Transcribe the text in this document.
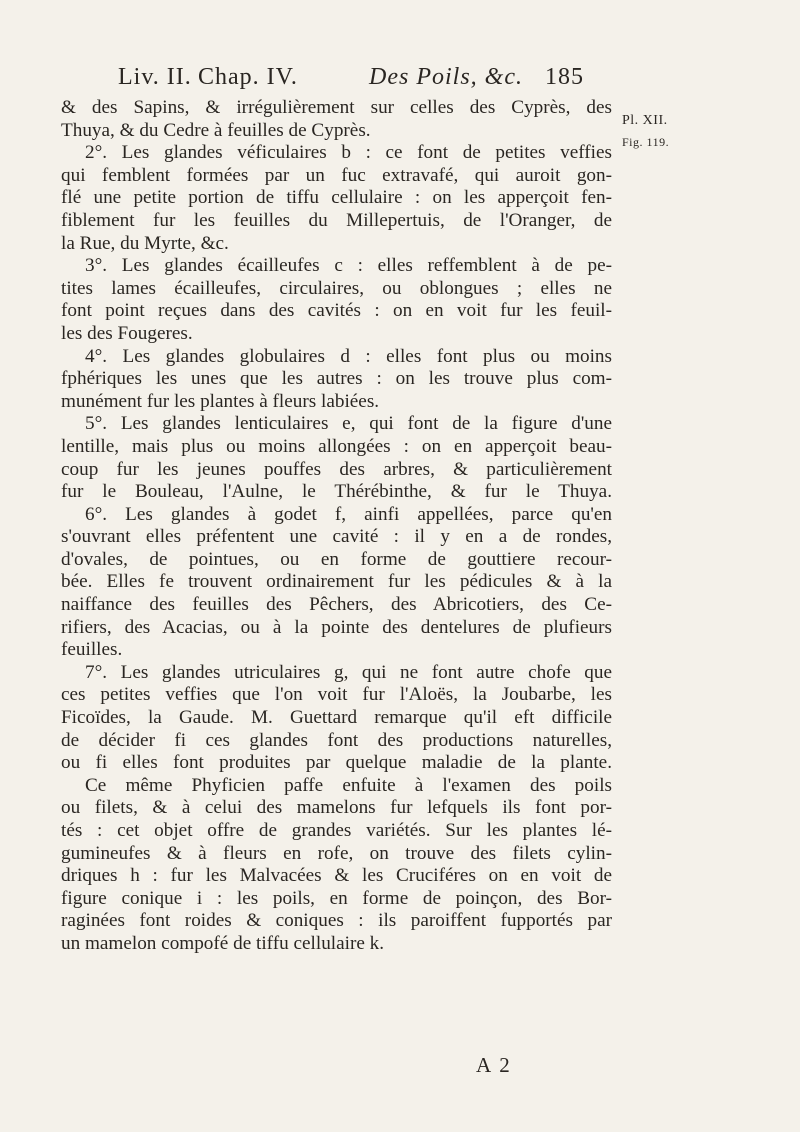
Liv. II. Chap. IV.	Des Poils, &c. 185
Pl. XII.
Fig. 119.
& des Sapins, & irrégulièrement sur celles des Cyprès, des
Thuya, & du Cedre à feuilles de Cyprès.
2°. Les glandes véficulaires b : ce font de petites veffies
qui femblent formées par un fuc extravafé, qui auroit gon-
flé une petite portion de tiffu cellulaire : on les apperçoit fen-
fiblement fur les feuilles du Millepertuis, de l'Oranger, de
la Rue, du Myrte, &c.
3°. Les glandes écailleufes c : elles reffemblent à de pe-
tites lames écailleufes, circulaires, ou oblongues ; elles ne
font point reçues dans des cavités : on en voit fur les feuil-
les des Fougeres.
4°. Les glandes globulaires d : elles font plus ou moins
fphériques les unes que les autres : on les trouve plus com-
munément fur les plantes à fleurs labiées.
5°. Les glandes lenticulaires e, qui font de la figure d'une
lentille, mais plus ou moins allongées : on en apperçoit beau-
coup fur les jeunes pouffes des arbres, & particulièrement
fur le Bouleau, l'Aulne, le Thérébinthe, & fur le Thuya.
6°. Les glandes à godet f, ainfi appellées, parce qu'en
s'ouvrant elles préfentent une cavité : il y en a de rondes,
d'ovales, de pointues, ou en forme de gouttiere recour-
bée. Elles fe trouvent ordinairement fur les pédicules & à la
naiffance des feuilles des Pêchers, des Abricotiers, des Ce-
rifiers, des Acacias, ou à la pointe des dentelures de plufieurs
feuilles.
7°. Les glandes utriculaires g, qui ne font autre chofe que
ces petites veffies que l'on voit fur l'Aloës, la Joubarbe, les
Ficoïdes, la Gaude. M. Guettard remarque qu'il eft difficile
de décider fi ces glandes font des productions naturelles,
ou fi elles font produites par quelque maladie de la plante.
Ce même Phyficien paffe enfuite à l'examen des poils
ou filets, & à celui des mamelons fur lefquels ils font por-
tés : cet objet offre de grandes variétés. Sur les plantes lé-
gumineufes & à fleurs en rofe, on trouve des filets cylin-
driques h : fur les Malvacées & les Cruciféres on en voit de
figure conique i : les poils, en forme de poinçon, des Bor-
raginées font roides & coniques : ils paroiffent fupportés par
un mamelon compofé de tiffu cellulaire k.
A 2
